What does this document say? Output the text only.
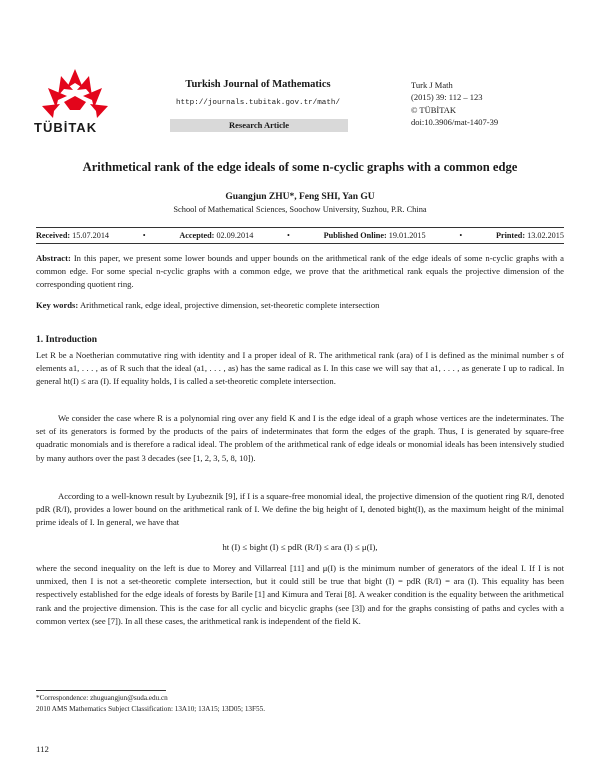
TÜBİTAK
Turkish Journal of Mathematics
http://journals.tubitak.gov.tr/math/
Research Article
Turk J Math
(2015) 39: 112 – 123
© TÜBİTAK
doi:10.3906/mat-1407-39
Arithmetical rank of the edge ideals of some n-cyclic graphs with a common edge
Guangjun ZHU*, Feng SHI, Yan GU
School of Mathematical Sciences, Soochow University, Suzhou, P.R. China
Received: 15.07.2014	•	Accepted: 02.09.2014	•	Published Online: 19.01.2015	•	Printed: 13.02.2015
Abstract: In this paper, we present some lower bounds and upper bounds on the arithmetical rank of the edge ideals of some n-cyclic graphs with a common edge. For some special n-cyclic graphs with a common edge, we prove that the arithmetical rank equals the projective dimension of the corresponding quotient ring.
Key words: Arithmetical rank, edge ideal, projective dimension, set-theoretic complete intersection
1. Introduction
Let R be a Noetherian commutative ring with identity and I a proper ideal of R. The arithmetical rank (ara) of I is defined as the minimal number s of elements a1, . . . , as of R such that the ideal (a1, . . . , as) has the same radical as I. In this case we will say that a1, . . . , as generate I up to radical. In general ht(I) ≤ ara (I). If equality holds, I is called a set-theoretic complete intersection.
We consider the case where R is a polynomial ring over any field K and I is the edge ideal of a graph whose vertices are the indeterminates. The set of its generators is formed by the products of the pairs of indeterminates that form the edges of the graph. Thus, I is generated by square-free quadratic monomials and is therefore a radical ideal. The problem of the arithmetical rank of edge ideals or monomial ideals has been intensively studied by many authors over the past 3 decades (see [1, 2, 3, 5, 8, 10]).
According to a well-known result by Lyubeznik [9], if I is a square-free monomial ideal, the projective dimension of the quotient ring R/I, denoted pdR (R/I), provides a lower bound on the arithmetical rank of I. We define the big height of I, denoted bight(I), as the maximum height of the minimal prime ideals of I. In general, we have that
ht (I) ≤ bight (I) ≤ pdR (R/I) ≤ ara (I) ≤ μ(I),
where the second inequality on the left is due to Morey and Villarreal [11] and μ(I) is the minimum number of generators of the ideal I. If I is not unmixed, then I is not a set-theoretic complete intersection, but it could still be true that bight (I) = pdR (R/I) = ara (I). This equality has been respectively established for the edge ideals of forests by Barile [1] and Kimura and Terai [8]. A weaker condition is the equality between the arithmetical rank and the projective dimension. This is the case for all cyclic and bicyclic graphs (see [3]) and for the graphs consisting of paths and cycles with a common vertex (see [7]). In all these cases, the arithmetical rank is independent of the field K.
*Correspondence: zhuguangjun@suda.edu.cn
2010 AMS Mathematics Subject Classification: 13A10; 13A15; 13D05; 13F55.
112
